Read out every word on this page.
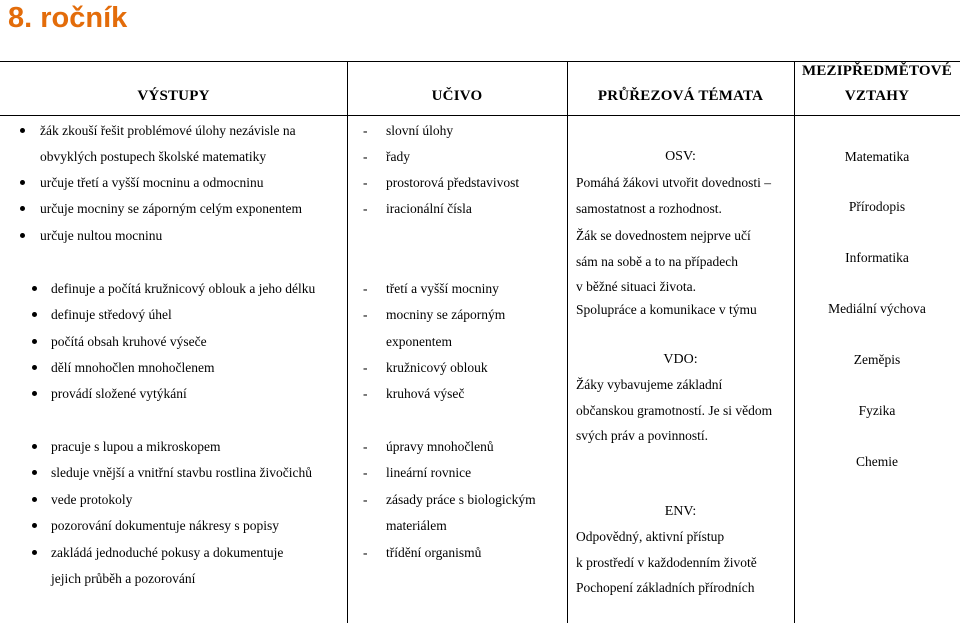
8. ročník
VÝSTUPY	UČIVO	PRŮŘEZOVÁ TÉMATA
MEZIPŘEDMĚTOVÉ
VZTAHY
žák zkouší řešit problémové úlohy nezávisle na
obvyklých postupech školské matematiky
určuje třetí a vyšší mocninu a odmocninu
určuje mocniny se záporným celým exponentem
určuje nultou mocninu
definuje a počítá kružnicový oblouk a jeho délku
definuje středový úhel
počítá obsah kruhové výseče
dělí mnohočlen mnohočlenem
provádí složené vytýkání
pracuje s lupou a mikroskopem
sleduje vnější a vnitřní stavbu rostlina živočichů
vede protokoly
pozorování dokumentuje nákresy s popisy
zakládá jednoduché pokusy a dokumentuje
jejich průběh a pozorování
- slovní úlohy
- řady
- prostorová představivost
- iracionální čísla
- třetí a vyšší mocniny
- mocniny se záporným
exponentem
- kružnicový oblouk
- kruhová výseč
- úpravy mnohočlenů
- lineární rovnice
- zásady práce s biologickým
materiálem
- třídění organismů
OSV:
Pomáhá žákovi utvořit dovednosti –
samostatnost a rozhodnost.
Žák se dovednostem nejprve učí
sám na sobě a to na případech
v běžné situaci života.
Spolupráce a komunikace v týmu
VDO:
Žáky vybavujeme základní
občanskou gramotností. Je si vědom
svých práv a povinností.
ENV:
Odpovědný, aktivní přístup
k prostředí v každodenním životě
Pochopení základních přírodních
Matematika
Přírodopis
Informatika
Mediální výchova
Zeměpis
Fyzika
Chemie
